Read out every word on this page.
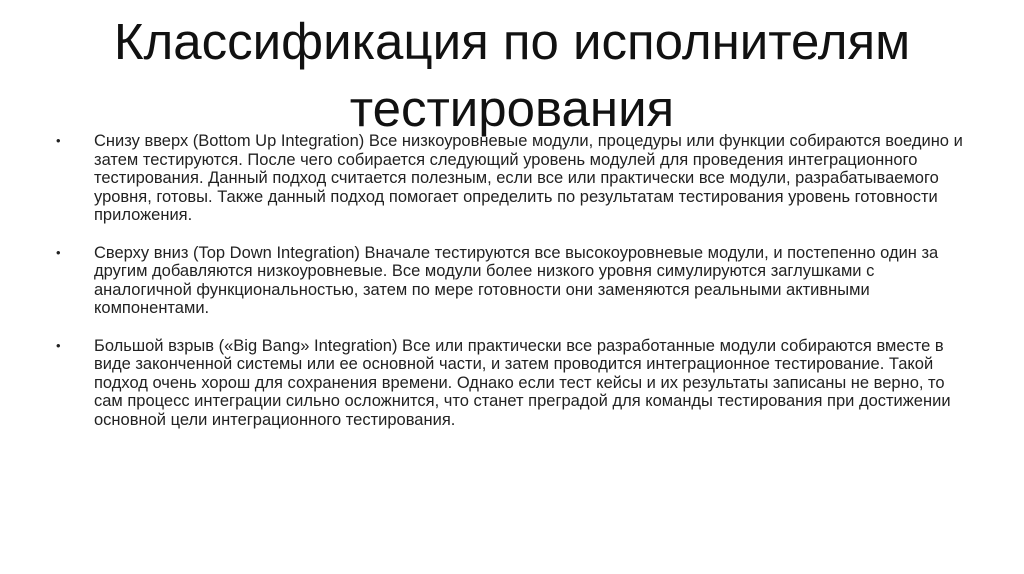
Классификация по исполнителям
тестирования
•	Снизу вверх (Bottom Up Integration) Все низкоуровневые модули, процедуры или функции собираются воедино и затем тестируются. После чего собирается следующий уровень модулей для проведения интеграционного тестирования. Данный подход считается полезным, если все или практически все модули, разрабатываемого уровня, готовы. Также данный подход помогает определить по результатам тестирования уровень готовности приложения.
•	Сверху вниз (Top Down Integration) Вначале тестируются все высокоуровневые модули, и постепенно один за другим добавляются низкоуровневые. Все модули более низкого уровня симулируются заглушками с аналогичной функциональностью, затем по мере готовности они заменяются реальными активными компонентами.
•	Большой взрыв («Big Bang» Integration) Все или практически все разработанные модули собираются вместе в виде законченной системы или ее основной части, и затем проводится интеграционное тестирование. Такой подход очень хорош для сохранения времени. Однако если тест кейсы и их результаты записаны не верно, то сам процесс интеграции сильно осложнится, что станет преградой для команды тестирования при достижении основной цели интеграционного тестирования.
